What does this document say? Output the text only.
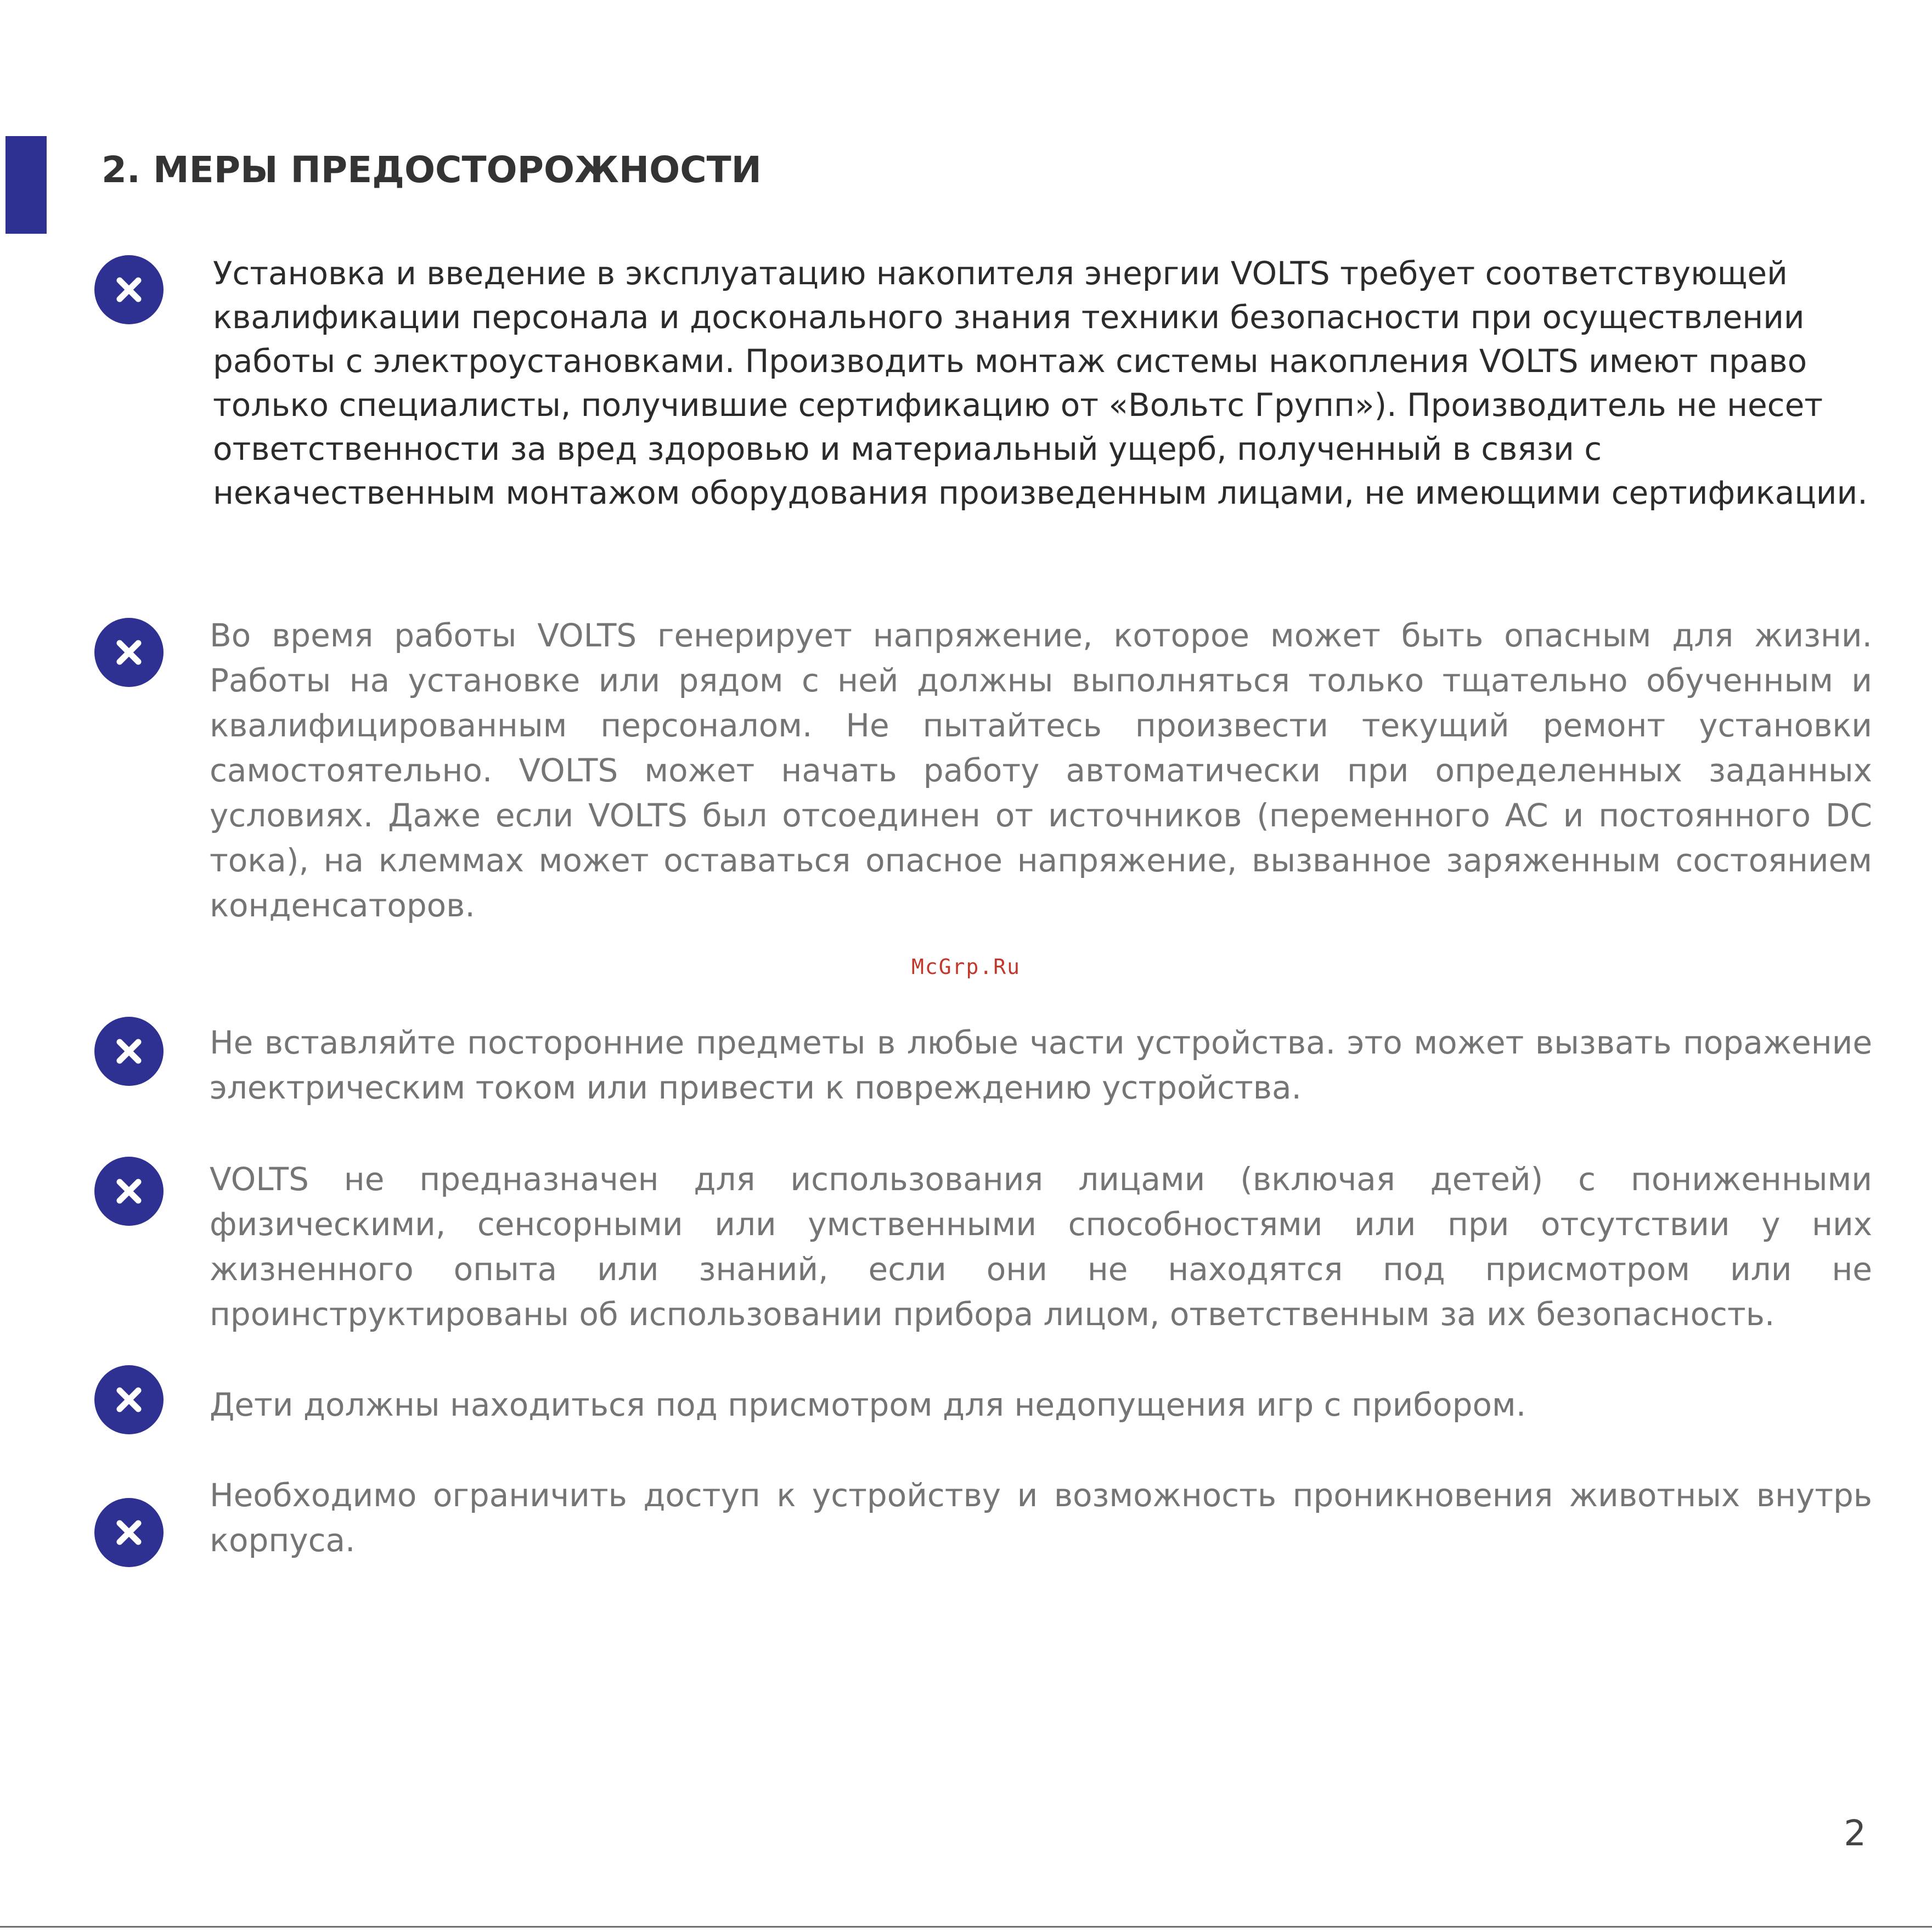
2. МЕРЫ ПРЕДОСТОРОЖНОСТИ

Установка и введение в эксплуатацию накопителя энергии VOLTS требует соответствующей квалификации персонала и доскональнoго знания техники безопасности при осуществлении работы с электроустановками. Производить монтаж системы накопления VOLTS имеют право только специалисты, получившие сертификацию от «Вольтс Групп»). Производитель не несет ответственности за вред здоровью и материальный ущерб, полученный в связи с некачественным монтажом оборудования произведенным лицами, не имеющими сертификации.

Во время работы VOLTS генерирует напряжение, которое может быть опасным для жизни. Работы на установке или рядом с ней должны выполняться только тщательно обученным и квалифицированным персоналом. Не пытайтесь произвести текущий ремонт установки самостоятельно. VOLTS может начать работу автоматически при определенных заданных условиях. Даже если VOLTS был отсоединен от источников (переменного AC и постоянного DC тока), на клеммах может оставаться опасное напряжение, вызванное заряженным состоянием конденсаторов.

McGrp.Ru

Не вставляйте посторонние предметы в любые части устройства. это может вызвать поражение электрическим током или привести к повреждению устройства.

VOLTS не предназначен для использования лицами (включая детей) с пониженными физическими, сенсорными или умственными способностями или при отсутствии у них жизненного опыта или знаний, если они не находятся под присмотром или не проинструктированы об использовании прибора лицом, ответственным за их безопасность.

Дети должны находиться под присмотром для недопущения игр с прибором.

Необходимо ограничить доступ к устройству и возможность проникновения животных внутрь корпуса.

2
